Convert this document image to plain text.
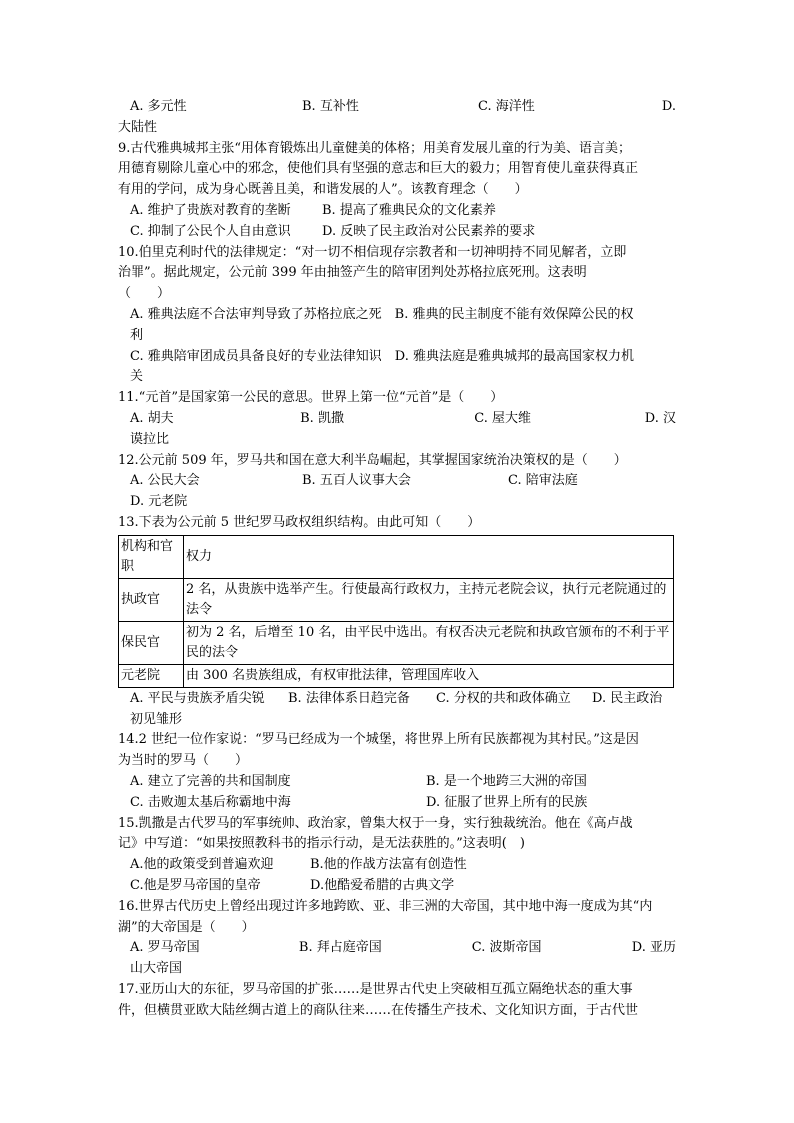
A. 多元性	B. 互补性	C. 海洋性	D.
大陆性
9.古代雅典城邦主张“用体育锻炼出儿童健美的体格；用美育发展儿童的行为美、语言美；
用德育剔除儿童心中的邪念，使他们具有坚强的意志和巨大的毅力；用智育使儿童获得真正
有用的学问，成为身心既善且美，和谐发展的人”。该教育理念（　　）
A. 维护了贵族对教育的垄断	B. 提高了雅典民众的文化素养
C. 抑制了公民个人自由意识	D. 反映了民主政治对公民素养的要求
10.伯里克利时代的法律规定：“对一切不相信现存宗教者和一切神明持不同见解者，立即
治罪”。据此规定，公元前 399 年由抽签产生的陪审团判处苏格拉底死刑。这表明
（　　）
A. 雅典法庭不合法审判导致了苏格拉底之死　B. 雅典的民主制度不能有效保障公民的权
利
C. 雅典陪审团成员具备良好的专业法律知识　D. 雅典法庭是雅典城邦的最高国家权力机
关
11.“元首”是国家第一公民的意思。世界上第一位“元首”是（　　）
A. 胡夫	B. 凯撒	C. 屋大维	D. 汉
谟拉比
12.公元前 509 年，罗马共和国在意大利半岛崛起，其掌握国家统治决策权的是（　　）
A. 公民大会	B. 五百人议事大会	C. 陪审法庭
D. 元老院
13.下表为公元前 5 世纪罗马政权组织结构。由此可知（　　）
机构和官职	权力
执政官	2 名，从贵族中选举产生。行使最高行政权力，主持元老院会议，执行元老院通过的法令
保民官	初为 2 名，后增至 10 名，由平民中选出。有权否决元老院和执政官颁布的不利于平民的法令
元老院	由 300 名贵族组成，有权审批法律，管理国库收入
A. 平民与贵族矛盾尖锐	B. 法律体系日趋完备	C. 分权的共和政体确立	D. 民主政治
初见雏形
14.2 世纪一位作家说：“罗马已经成为一个城堡，将世界上所有民族都视为其村民。”这是因
为当时的罗马（　　）
A. 建立了完善的共和国制度	B. 是一个地跨三大洲的帝国
C. 击败迦太基后称霸地中海	D. 征服了世界上所有的民族
15.凯撒是古代罗马的军事统帅、政治家，曾集大权于一身，实行独裁统治。他在《高卢战
记》中写道：“如果按照教科书的指示行动，是无法获胜的。”这表明(　)
A.他的政策受到普遍欢迎	B.他的作战方法富有创造性
C.他是罗马帝国的皇帝	D.他酷爱希腊的古典文学
16.世界古代历史上曾经出现过许多地跨欧、亚、非三洲的大帝国，其中地中海一度成为其“内
湖”的大帝国是（　　）
A. 罗马帝国	B. 拜占庭帝国	C. 波斯帝国	D. 亚历
山大帝国
17.亚历山大的东征，罗马帝国的扩张……是世界古代史上突破相互孤立隔绝状态的重大事
件，但横贯亚欧大陆丝绸古道上的商队往来……在传播生产技术、文化知识方面，于古代世
